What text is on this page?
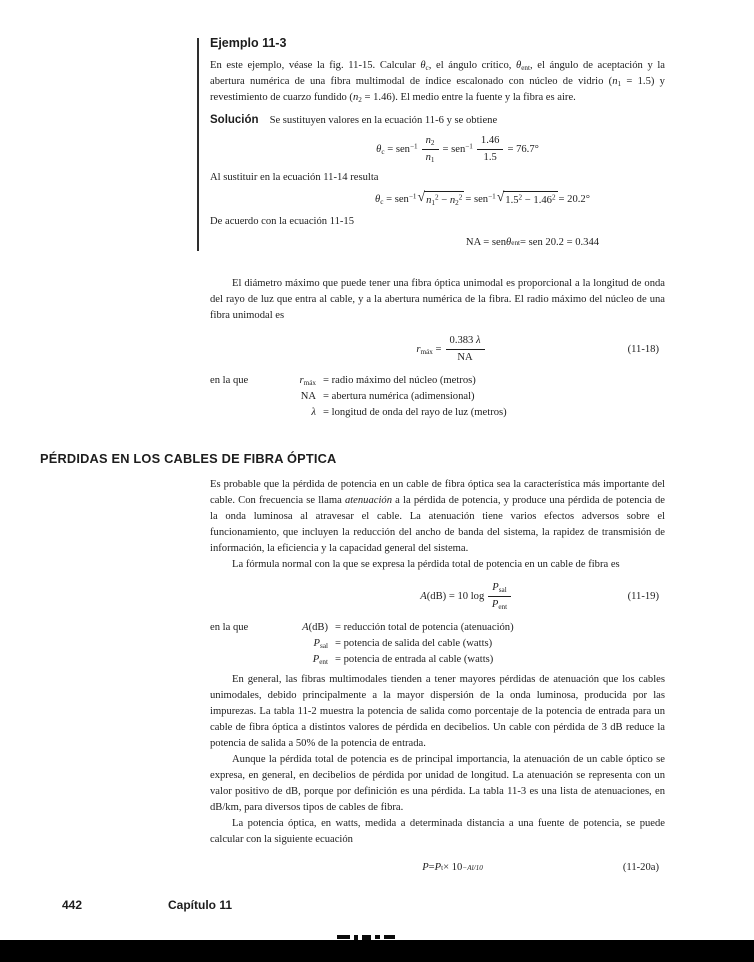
Ejemplo 11-3

En este ejemplo, véase la fig. 11-15. Calcular $\theta_c$, el ángulo crítico, $\theta_{ent}$, el ángulo de aceptación y la abertura numérica de una fibra multimodal de índice escalonado con núcleo de vidrio $(n_1 = 1.5)$ y revestimiento de cuarzo fundido $(n_2 = 1.46)$. El medio entre la fuente y la fibra es aire.

Solución Se sustituyen valores en la ecuación 11-6 y se obtiene

$\theta_c = sen^{-1} \frac{n_2}{n_1} = sen^{-1} \frac{1.46}{1.5} = 76.7^\circ$

Al sustituir en la ecuación 11-14 resulta

$\theta_c = sen^{-1}$ √ $n_1^2 - n_2^2 = sen^{-1}$ √ $1.5^2 - 1.46^2 = 20.2^\circ$

De acuerdo con la ecuación 11-15

NA = sen θ ent = sen 20.2 = 0.344

El diámetro máximo que puede tener una fibra óptica unimodal es proporcional a la longitud de onda del rayo de luz que entra al cable, y a la abertura numérica de la fibra. El radio máximo del núcleo de una fibra unimodal es

$r_{máx} = \frac{0.383 \lambda}{NA}$	(11-18)
en la que	$r_{máx}$ = radio máximo del núcleo (metros)
NA = abertura numérica (adimensional)
λ = longitud de onda del rayo de luz (metros)
PÉRDIDAS EN LOS CABLES DE FIBRA ÓPTICA

Es probable que la pérdida de potencia en un cable de fibra óptica sea la característica más importante del cable. Con frecuencia se llama atenuación a la pérdida de potencia, y produce una pérdida de potencia de la onda luminosa al atravesar el cable. La atenuación tiene varios efectos adversos sobre el funcionamiento, que incluyen la reducción del ancho de banda del sistema, la rapidez de transmisión de información, la eficiencia y la capacidad general del sistema.

La fórmula normal con la que se expresa la pérdida total de potencia en un cable de fibra es

A(dB) = 10 $\log \frac{P_{sal}}{P_{ent}}$	(11-19)
en la que	A(dB) = reducción total de potencia (atenuación)
$P_{sal}$ = potencia de salida del cable (watts)
$P_{ent}$ = potencia de entrada al cable (watts)

En general, las fibras multimodales tienden a tener mayores pérdidas de atenuación que los cables unimodales, debido principalmente a la mayor dispersión de la onda luminosa, producida por las impurezas. La tabla 11-2 muestra la potencia de salida como porcentaje de la potencia de entrada para un cable de fibra óptica a distintos valores de pérdida en decibelios. Un cable con pérdida de 3 dB reduce la potencia de salida a 50% de la potencia de entrada.

Aunque la pérdida total de potencia es de principal importancia, la atenuación de un cable óptico se expresa, en general, en decibelios de pérdida por unidad de longitud. La atenuación se representa con un valor positivo de dB, porque por definición es una pérdida. La tabla 11-3 es una lista de atenuaciones, en dB/km, para diversos tipos de cables de fibra.

La potencia óptica, en watts, medida a determinada distancia a una fuente de potencia, se puede calcular con la siguiente ecuación

P = P t × 10 −Al/10	(11-20a)
442	Capítulo 11
